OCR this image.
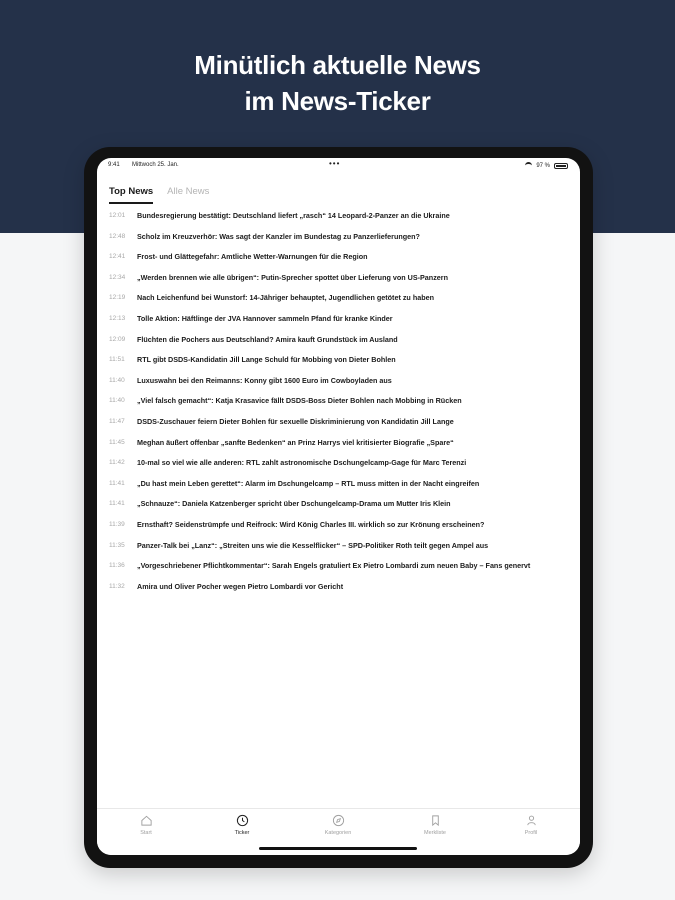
Minütlich aktuelle News
im News-Ticker
9:41 Mittwoch 25. Jan.	•••	97 %
Top News Alle News
12:01	Bundesregierung bestätigt: Deutschland liefert „rasch“ 14 Leopard-2-Panzer an die Ukraine
12:48	Scholz im Kreuzverhör: Was sagt der Kanzler im Bundestag zu Panzerlieferungen?
12:41	Frost- und Glättegefahr: Amtliche Wetter-Warnungen für die Region
12:34	„Werden brennen wie alle übrigen“: Putin-Sprecher spottet über Lieferung von US-Panzern
12:19	Nach Leichenfund bei Wunstorf: 14-Jähriger behauptet, Jugendlichen getötet zu haben
12:13	Tolle Aktion: Häftlinge der JVA Hannover sammeln Pfand für kranke Kinder
12:09	Flüchten die Pochers aus Deutschland? Amira kauft Grundstück im Ausland
11:51	RTL gibt DSDS-Kandidatin Jill Lange Schuld für Mobbing von Dieter Bohlen
11:40	Luxuswahn bei den Reimanns: Konny gibt 1600 Euro im Cowboyladen aus
11:40	„Viel falsch gemacht“: Katja Krasavice fällt DSDS-Boss Dieter Bohlen nach Mobbing in Rücken
11:47	DSDS-Zuschauer feiern Dieter Bohlen für sexuelle Diskriminierung von Kandidatin Jill Lange
11:45	Meghan äußert offenbar „sanfte Bedenken“ an Prinz Harrys viel kritisierter Biografie „Spare“
11:42	10-mal so viel wie alle anderen: RTL zahlt astronomische Dschungelcamp-Gage für Marc Terenzi
11:41	„Du hast mein Leben gerettet“: Alarm im Dschungelcamp – RTL muss mitten in der Nacht eingreifen
11:41	„Schnauze“: Daniela Katzenberger spricht über Dschungelcamp-Drama um Mutter Iris Klein
11:39	Ernsthaft? Seidenstrümpfe und Reifrock: Wird König Charles III. wirklich so zur Krönung erscheinen?
11:35	Panzer-Talk bei „Lanz“: „Streiten uns wie die Kesselflicker“ – SPD-Politiker Roth teilt gegen Ampel aus
11:36	„Vorgeschriebener Pflichtkommentar“: Sarah Engels gratuliert Ex Pietro Lombardi zum neuen Baby – Fans genervt
11:32	Amira und Oliver Pocher wegen Pietro Lombardi vor Gericht
Start	Ticker	Kategorien	Merkliste	Profil
